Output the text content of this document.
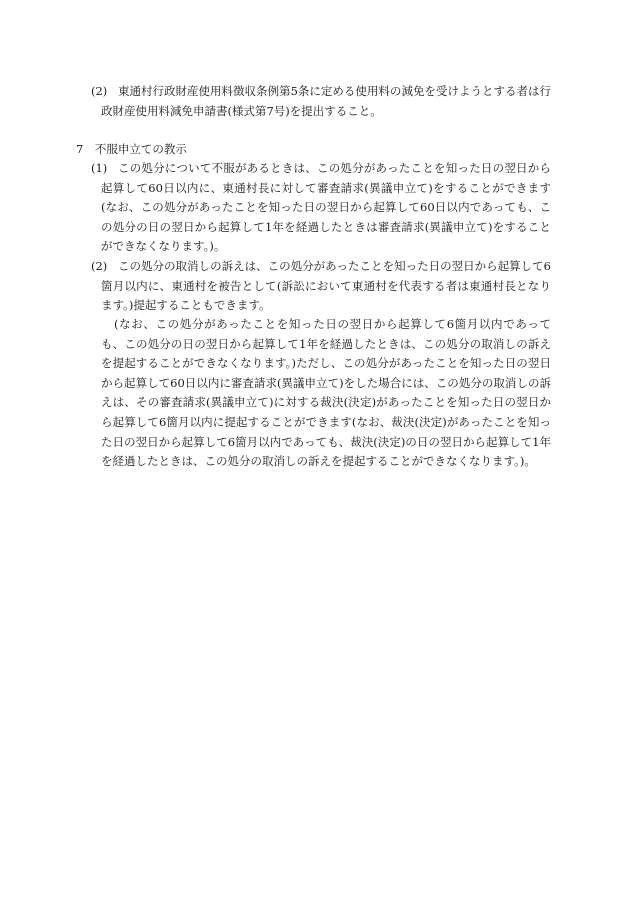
(2) 東通村行政財産使用料徴収条例第5条に定める使用料の減免を受けようとする者は行政財産使用料減免申請書(様式第7号)を提出すること。
7　不服申立ての教示
(1) この処分について不服があるときは、この処分があったことを知った日の翌日から起算して60日以内に、東通村長に対して審査請求(異議申立て)をすることができます(なお、この処分があったことを知った日の翌日から起算して60日以内であっても、この処分の日の翌日から起算して1年を経過したときは審査請求(異議申立て)をすることができなくなります。)。
(2) この処分の取消しの訴えは、この処分があったことを知った日の翌日から起算して6箇月以内に、東通村を被告として(訴訟において東通村を代表する者は東通村長となります。)提起することもできます。
(なお、この処分があったことを知った日の翌日から起算して6箇月以内であっても、この処分の日の翌日から起算して1年を経過したときは、この処分の取消しの訴えを提起することができなくなります。)ただし、この処分があったことを知った日の翌日から起算して60日以内に審査請求(異議申立て)をした場合には、この処分の取消しの訴えは、その審査請求(異議申立て)に対する裁決(決定)があったことを知った日の翌日から起算して6箇月以内に提起することができます(なお、裁決(決定)があったことを知った日の翌日から起算して6箇月以内であっても、裁決(決定)の日の翌日から起算して1年を経過したときは、この処分の取消しの訴えを提起することができなくなります。)。
